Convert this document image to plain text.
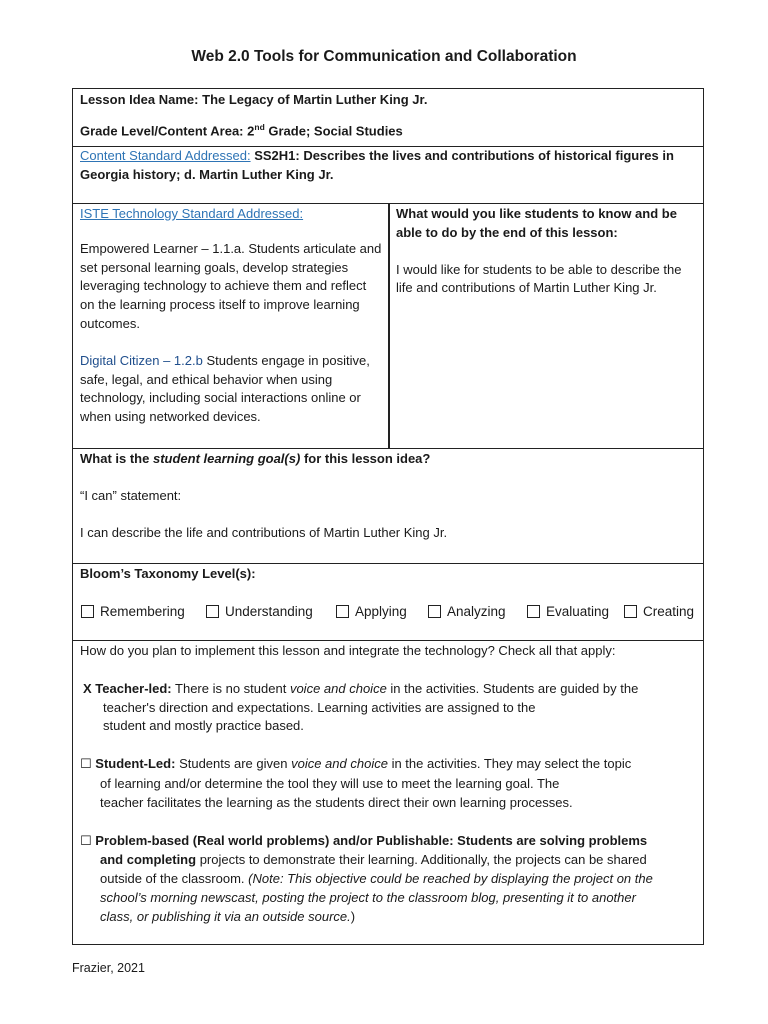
Web 2.0 Tools for Communication and Collaboration
Lesson Idea Name: The Legacy of Martin Luther King Jr.
Grade Level/Content Area: 2nd Grade; Social Studies
Content Standard Addressed: SS2H1: Describes the lives and contributions of historical figures in Georgia history; d. Martin Luther King Jr.
ISTE Technology Standard Addressed:
Empowered Learner – 1.1.a. Students articulate and set personal learning goals, develop strategies leveraging technology to achieve them and reflect on the learning process itself to improve learning outcomes.
Digital Citizen – 1.2.b Students engage in positive, safe, legal, and ethical behavior when using technology, including social interactions online or when using networked devices.
What would you like students to know and be able to do by the end of this lesson:
I would like for students to be able to describe the life and contributions of Martin Luther King Jr.
What is the student learning goal(s) for this lesson idea?
“I can” statement:
I can describe the life and contributions of Martin Luther King Jr.
Bloom’s Taxonomy Level(s):
Remembering	Understanding	Applying	Analyzing	Evaluating	Creating
How do you plan to implement this lesson and integrate the technology? Check all that apply:
X Teacher-led: There is no student voice and choice in the activities. Students are guided by the
teacher's direction and expectations. Learning activities are assigned to the
student and mostly practice based.
☐ Student-Led: Students are given voice and choice in the activities. They may select the topic
of learning and/or determine the tool they will use to meet the learning goal. The
teacher facilitates the learning as the students direct their own learning processes.
☐ Problem-based (Real world problems) and/or Publishable: Students are solving problems
and completing projects to demonstrate their learning. Additionally, the projects can be shared
outside of the classroom. (Note: This objective could be reached by displaying the project on the
school’s morning newscast, posting the project to the classroom blog, presenting it to another
class, or publishing it via an outside source.)
Frazier, 2021
